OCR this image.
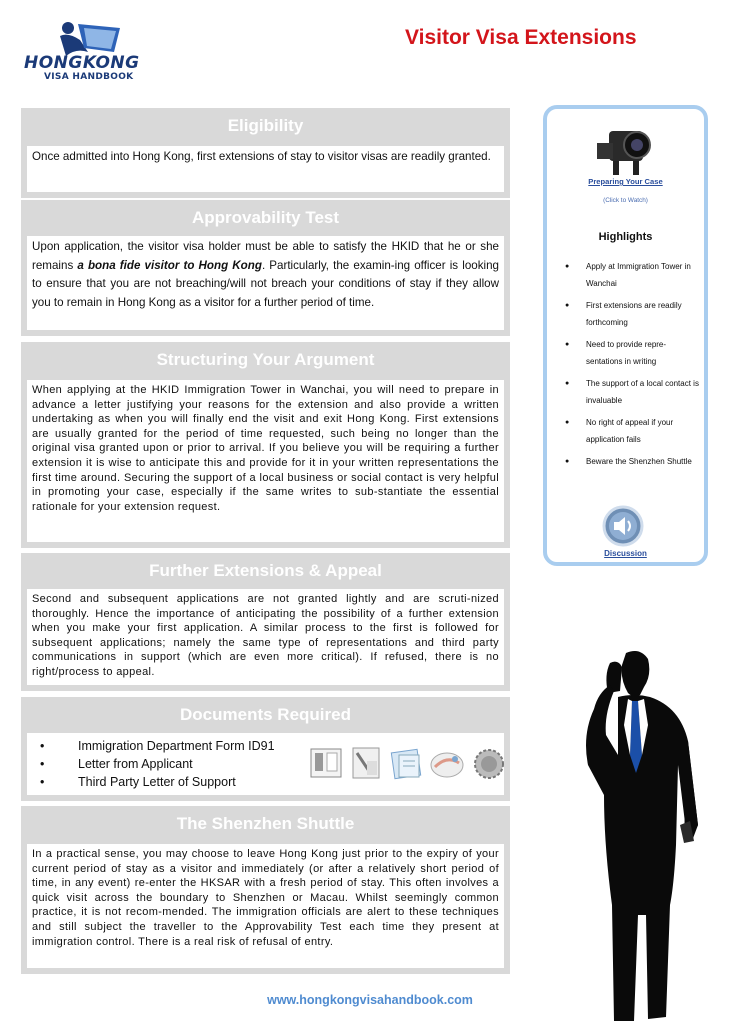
HONGKONG
VISA HANDBOOK
Visitor Visa Extensions
Eligibility

Once admitted into Hong Kong, first extensions of stay to visitor visas are readily granted.

Approvability Test

Upon application, the visitor visa holder must be able to satisfy the HKID that he or she remains a bona fide visitor to Hong Kong. Particularly, the examin-ing officer is looking to ensure that you are not breaching/will not breach your conditions of stay if they allow you to remain in Hong Kong as a visitor for a further period of time.

Structuring Your Argument

When applying at the HKID Immigration Tower in Wanchai, you will need to prepare in advance a letter justifying your reasons for the extension and also provide a written undertaking as when you will finally end the visit and exit Hong Kong. First extensions are usually granted for the period of time requested, such being no longer than the original visa granted upon or prior to arrival. If you believe you will be requiring a further extension it is wise to anticipate this and provide for it in your written representations the first time around. Securing the support of a local business or social contact is very helpful in promoting your case, especially if the same writes to sub-stantiate the essential rationale for your extension request.

Further Extensions & Appeal

Second and subsequent applications are not granted lightly and are scruti-nized thoroughly. Hence the importance of anticipating the possibility of a further extension when you make your first application. A similar process to the first is followed for subsequent applications; namely the same type of representations and third party communications in support (which are even more critical). If refused, there is no right/process to appeal.

Documents Required
• Immigration Department Form ID91
• Letter from Applicant
• Third Party Letter of Support
The Shenzhen Shuttle

In a practical sense, you may choose to leave Hong Kong just prior to the expiry of your current period of stay as a visitor and immediately (or after a relatively short period of time, in any event) re-enter the HKSAR with a fresh period of stay. This often involves a quick visit across the boundary to Shenzhen or Macau. Whilst seemingly common practice, it is not recom-mended. The immigration officials are alert to these techniques and still subject the traveller to the Approvability Test each time they present at immigration control. There is a real risk of refusal of entry.

Preparing Your Case
(Click to Watch)
Highlights
● Apply at Immigration Tower in Wanchai
● First extensions are readily forthcoming
● Need to provide repre-sentations in writing
● The support of a local contact is invaluable
● No right of appeal if your application fails
● Beware the Shenzhen Shuttle
Discussion
www.hongkongvisahandbook.com
